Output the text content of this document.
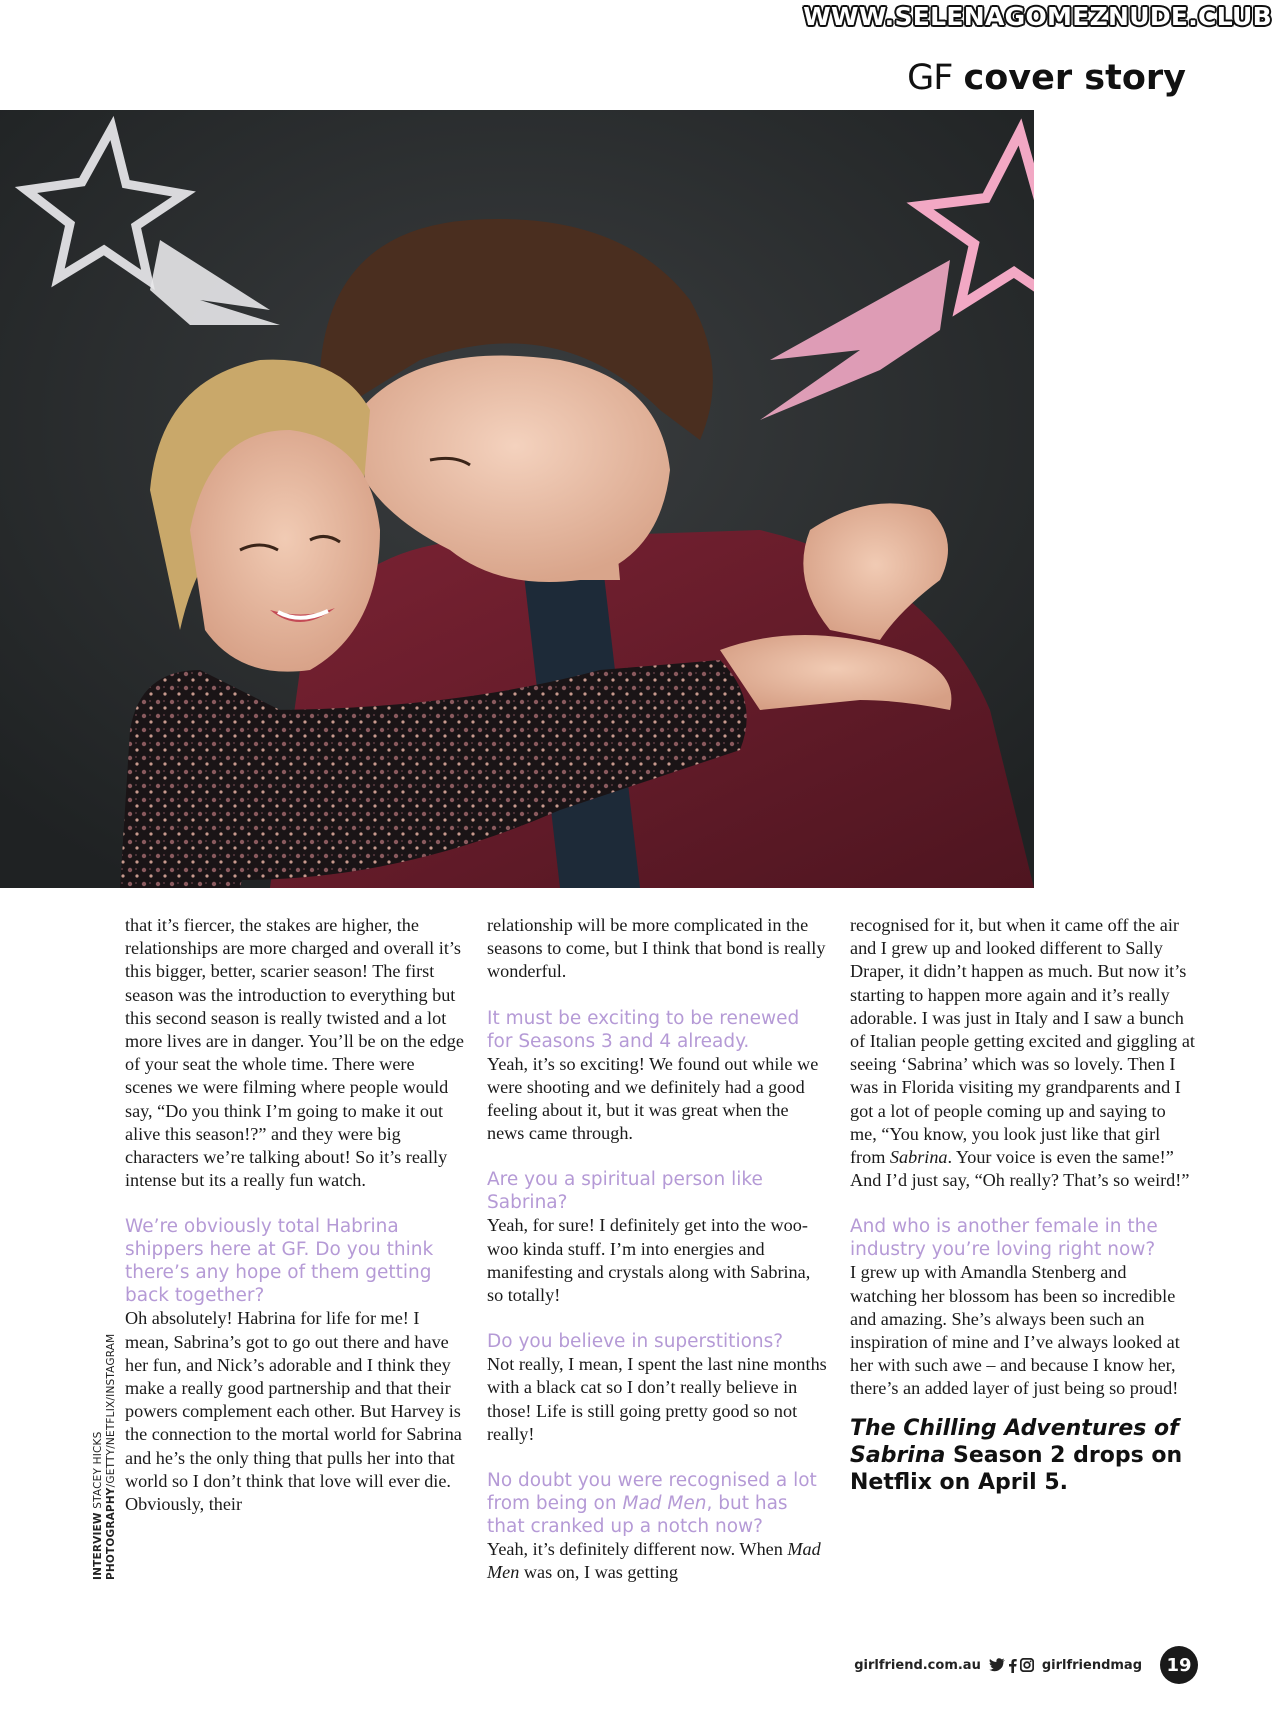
WWW.SELENAGOMEZNUDE.CLUB
GF cover story

that it’s fiercer, the stakes are higher, the relationships are more charged and overall it’s this bigger, better, scarier season! The first season was the introduction to everything but this second season is really twisted and a lot more lives are in danger. You’ll be on the edge of your seat the whole time. There were scenes we were filming where people would say, “Do you think I’m going to make it out alive this season!?” and they were big characters we’re talking about! So it’s really intense but its a really fun watch.

We’re obviously total Habrina shippers here at GF. Do you think there’s any hope of them getting back together?

Oh absolutely! Habrina for life for me! I mean, Sabrina’s got to go out there and have her fun, and Nick’s adorable and I think they make a really good partnership and that their powers complement each other. But Harvey is the connection to the mortal world for Sabrina and he’s the only thing that pulls her into that world so I don’t think that love will ever die. Obviously, their

relationship will be more complicated in the seasons to come, but I think that bond is really wonderful.

It must be exciting to be renewed for Seasons 3 and 4 already.

Yeah, it’s so exciting! We found out while we were shooting and we definitely had a good feeling about it, but it was great when the news came through.

Are you a spiritual person like Sabrina?

Yeah, for sure! I definitely get into the woo-woo kinda stuff. I’m into energies and manifesting and crystals along with Sabrina, so totally!

Do you believe in superstitions?

Not really, I mean, I spent the last nine months with a black cat so I don’t really believe in those! Life is still going pretty good so not really!

No doubt you were recognised a lot from being on Mad Men, but has that cranked up a notch now?

Yeah, it’s definitely different now. When Mad Men was on, I was getting

recognised for it, but when it came off the air and I grew up and looked different to Sally Draper, it didn’t happen as much. But now it’s starting to happen more again and it’s really adorable. I was just in Italy and I saw a bunch of Italian people getting excited and giggling at seeing ‘Sabrina’ which was so lovely. Then I was in Florida visiting my grandparents and I got a lot of people coming up and saying to me, “You know, you look just like that girl from Sabrina. Your voice is even the same!” And I’d just say, “Oh really? That’s so weird!”

And who is another female in the industry you’re loving right now?

I grew up with Amandla Stenberg and watching her blossom has been so incredible and amazing. She’s always been such an inspiration of mine and I’ve always looked at her with such awe – and because I know her, there’s an added layer of just being so proud!

The Chilling Adventures of Sabrina Season 2 drops on Netflix on April 5.
INTERVIEW STACEY HICKS
PHOTOGRAPHY/GETTY/NETFLIX/INSTAGRAM
girlfriend.com.au	girlfriendmag	19
